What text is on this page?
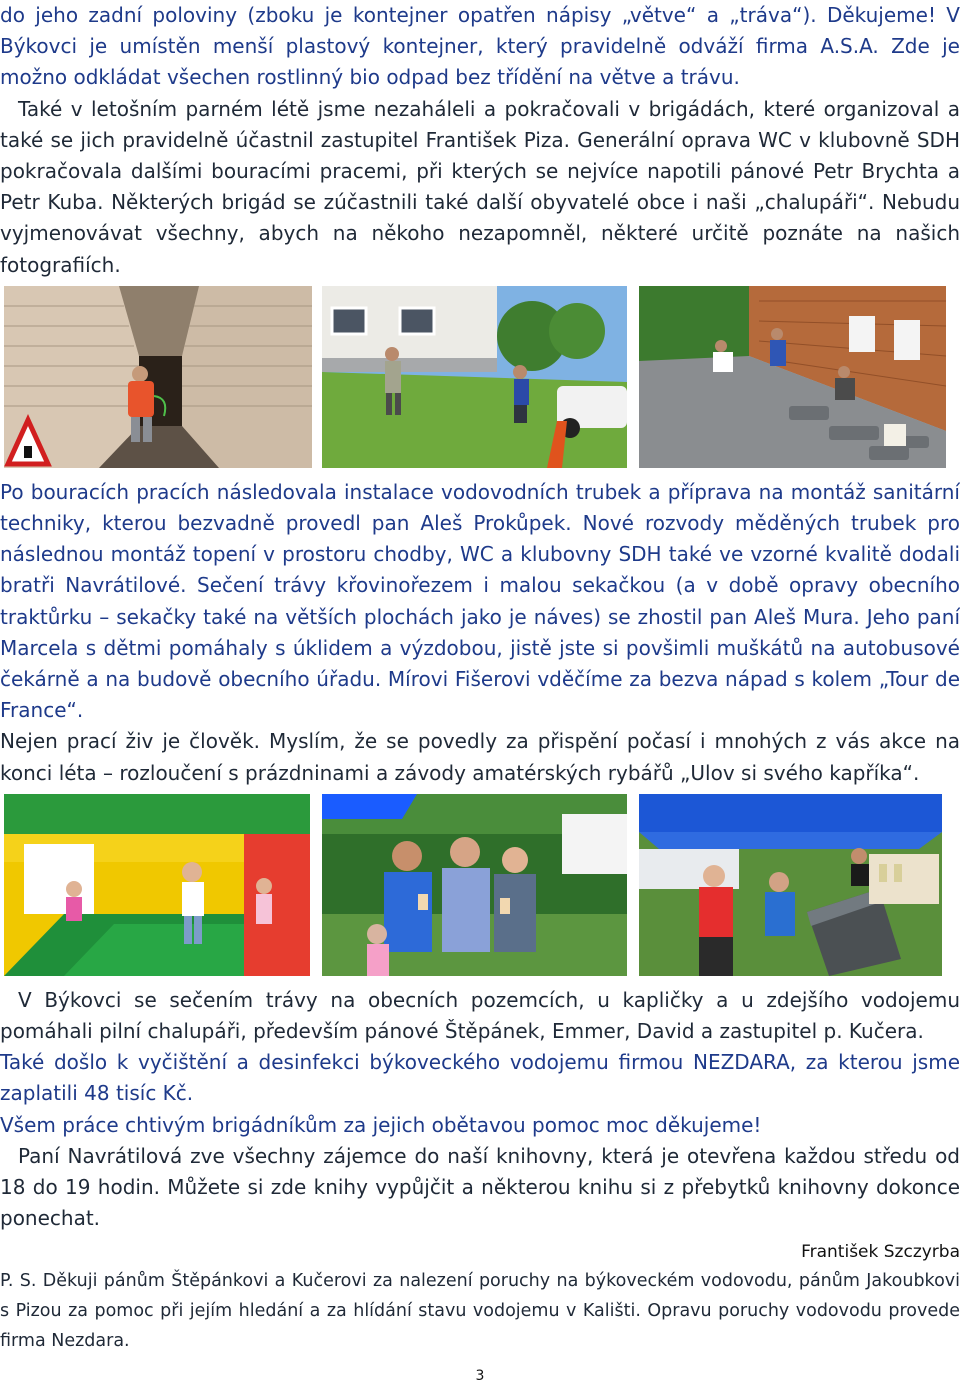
do jeho zadní poloviny (zboku je kontejner opatřen nápisy „větve“ a „tráva“). Děkujeme! V Býkovci je umístěn menší plastový kontejner, který pravidelně odváží firma A.S.A. Zde je možno odkládat všechen rostlinný bio odpad bez třídění na větve a trávu.

Také v letošním parném létě jsme nezaháleli a pokračovali v brigádách, které organizoval a také se jich pravidelně účastnil zastupitel František Piza. Generální oprava WC v klubovně SDH pokračovala dalšími bouracími pracemi, při kterých se nejvíce napotili pánové Petr Brychta a Petr Kuba. Některých brigád se zúčastnili také další obyvatelé obce i naši „chalupáři“. Nebudu vyjmenovávat všechny, abych na někoho nezapomněl, některé určitě poznáte na našich fotografiích.

Po bouracích pracích následovala instalace vodovodních trubek a příprava na montáž sanitární techniky, kterou bezvadně provedl pan Aleš Prokůpek. Nové rozvody měděných trubek pro následnou montáž topení v prostoru chodby, WC a klubovny SDH také ve vzorné kvalitě dodali bratři Navrátilové. Sečení trávy křovinořezem i malou sekačkou (a v době opravy obecního traktůrku – sekačky také na větších plochách jako je náves) se zhostil pan Aleš Mura. Jeho paní Marcela s dětmi pomáhaly s úklidem a výzdobou, jistě jste si povšimli muškátů na autobusové čekárně a na budově obecního úřadu. Mírovi Fišerovi vděčíme za bezva nápad s kolem „Tour de France“.

Nejen prací živ je člověk. Myslím, že se povedly za přispění počasí i mnohých z vás akce na konci léta – rozloučení s prázdninami a závody amatérských rybářů „Ulov si svého kapříka“.

V Býkovci se sečením trávy na obecních pozemcích, u kapličky a u zdejšího vodojemu pomáhali pilní chalupáři, především pánové Štěpánek, Emmer, David a zastupitel p. Kučera.

Také došlo k vyčištění a desinfekci býkoveckého vodojemu firmou NEZDARA, za kterou jsme zaplatili 48 tisíc Kč.

Všem práce chtivým brigádníkům za jejich obětavou pomoc moc děkujeme!

Paní Navrátilová zve všechny zájemce do naší knihovny, která je otevřena každou středu od 18 do 19 hodin. Můžete si zde knihy vypůjčit a některou knihu si z přebytků knihovny dokonce ponechat.

František Szczyrba

P. S. Děkuji pánům Štěpánkovi a Kučerovi za nalezení poruchy na býkoveckém vodovodu, pánům Jakoubkovi s Pizou za pomoc při jejím hledání a za hlídání stavu vodojemu v Kališti. Opravu poruchy vodovodu provede firma Nezdara.

3
